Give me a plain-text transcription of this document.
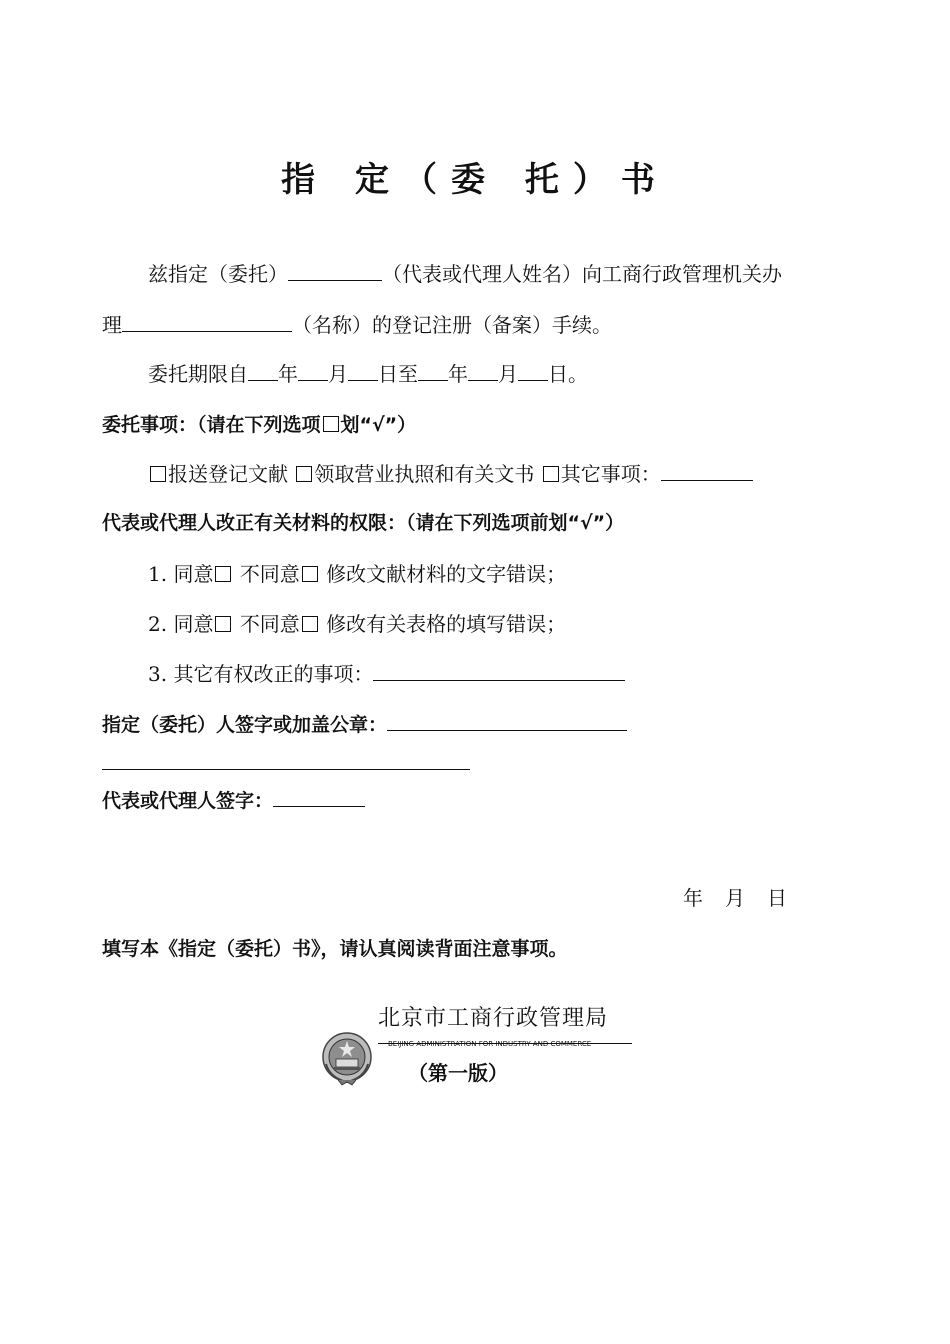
指 定（委 托）书
兹指定（委托）	（代表或代理人姓名）向工商行政管理机关办
理	（名称）的登记注册（备案）手续。
委托期限自 年 月 日至 年 月 日。
委托事项：（请在下列选项 划“√”）
报送登记文献 领取营业执照和有关文书 其它事项：
代表或代理人改正有关材料的权限：（请在下列选项前划“√”）
1. 同意 不同意 修改文献材料的文字错误；
2. 同意 不同意 修改有关表格的填写错误；
3. 其它有权改正的事项：
指定（委托）人签字或加盖公章：
代表或代理人签字：
年 月 日
填写本《指定（委托）书》，请认真阅读背面注意事项。
北京市工商行政管理局
BEIJING ADMINISTRATION FOR INDUSTRY AND COMMERCE
（第一版）
